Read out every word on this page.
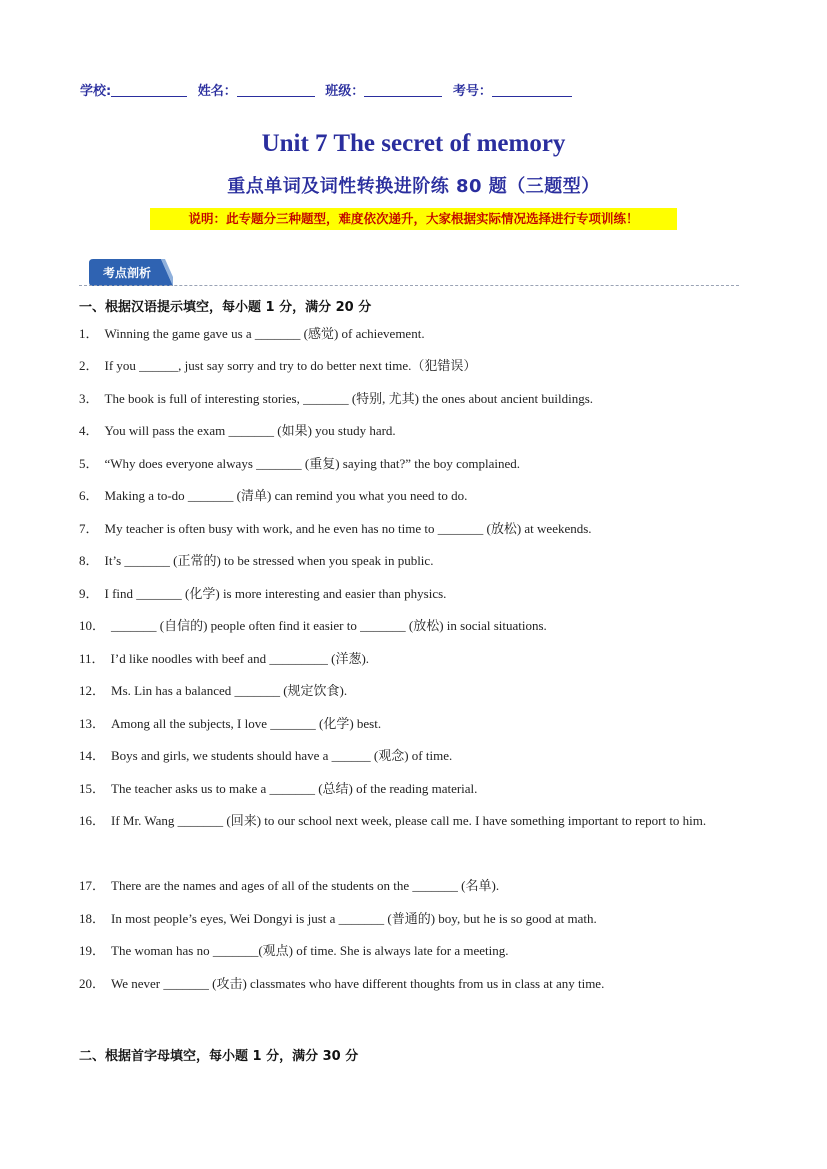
学校:	姓名：	班级：	考号：
Unit 7 The secret of memory
重点单词及词性转换进阶练 80 题（三题型）
说明：此专题分三种题型，难度依次递升，大家根据实际情况选择进行专项训练！
考点剖析
一、根据汉语提示填空，每小题 1 分，满分 20 分
1． Winning the game gave us a _______ (感觉) of achievement.
2． If you ______, just say sorry and try to do better next time.（犯错误）
3． The book is full of interesting stories, _______ (特别, 尤其) the ones about ancient buildings.
4． You will pass the exam _______ (如果) you study hard.
5． “Why does everyone always _______ (重复) saying that?” the boy complained.
6． Making a to-do _______ (清单) can remind you what you need to do.
7． My teacher is often busy with work, and he even has no time to _______ (放松) at weekends.
8． It’s _______ (正常的) to be stressed when you speak in public.
9． I find _______ (化学) is more interesting and easier than physics.
10． _______ (自信的) people often find it easier to _______ (放松) in social situations.
11． I’d like noodles with beef and _________ (洋葱).
12． Ms. Lin has a balanced _______ (规定饮食).
13． Among all the subjects, I love _______ (化学) best.
14． Boys and girls, we students should have a ______ (观念) of time.
15． The teacher asks us to make a _______ (总结) of the reading material.
16． If Mr. Wang _______ (回来) to our school next week, please call me. I have something important to report to him.
17． There are the names and ages of all of the students on the _______ (名单).
18． In most people’s eyes, Wei Dongyi is just a _______ (普通的) boy, but he is so good at math.
19． The woman has no _______(观点) of time. She is always late for a meeting.
20． We never _______ (攻击) classmates who have different thoughts from us in class at any time.
二、根据首字母填空，每小题 1 分，满分 30 分
